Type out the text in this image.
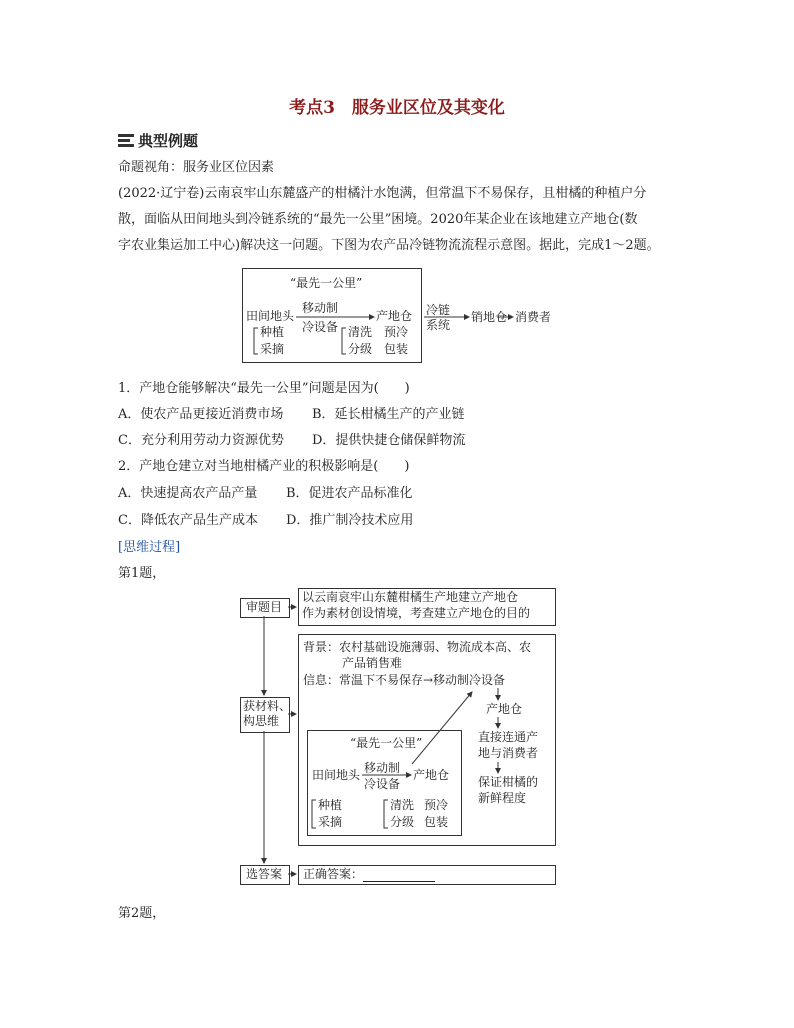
考点3　服务业区位及其变化
典型例题
命题视角：服务业区位因素
(2022·辽宁卷)云南哀牢山东麓盛产的柑橘汁水饱满，但常温下不易保存，且柑橘的种植户分
散，面临从田间地头到冷链系统的“最先一公里”困境。2020年某企业在该地建立产地仓(数
字农业集运加工中心)解决这一问题。下图为农产品冷链物流流程示意图。据此，完成1～2题。
“最先一公里”
田间地头
移动制
冷设备
产地仓 冷链
系统
销地仓 消费者
种植
采摘
清洗
分级
预冷
包装
1．产地仓能够解决“最先一公里”问题是因为(　　)
A．使农产品更接近消费市场 B．延长柑橘生产的产业链
C．充分利用劳动力资源优势 D．提供快捷仓储保鲜物流
2．产地仓建立对当地柑橘产业的积极影响是(　　)
A．快速提高农产品产量 B．促进农产品标准化
C．降低农产品生产成本 D．推广制冷技术应用
[思维过程]
第1题，
审题目
以云南哀牢山东麓柑橘生产地建立产地仓
作为素材创设情境，考查建立产地仓的目的
获材料、
构思维
背景：农村基础设施薄弱、物流成本高、农
产品销售难
信息：常温下不易保存→移动制冷设备
产地仓
直接连通产
地与消费者
保证柑橘的
新鲜程度
“最先一公里”
田间地头 移动制
冷设备
产地仓
种植
采摘
清洗
分级
预冷
包装
选答案 正确答案：
第2题，
